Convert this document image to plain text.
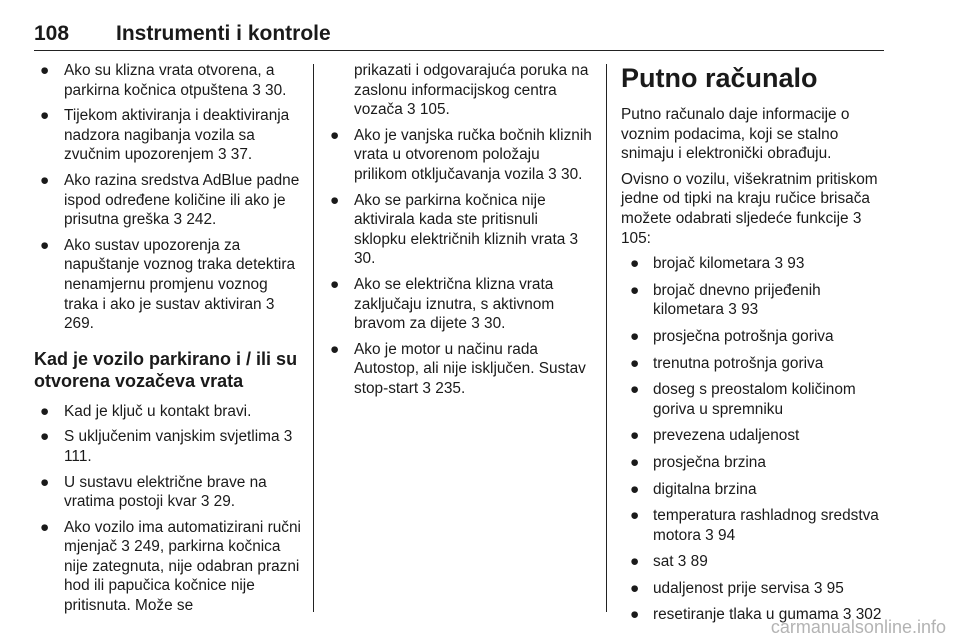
108 Instrumenti i kontrole
● Ako su klizna vrata otvorena, a parkirna kočnica otpuštena 3 30.
● Tijekom aktiviranja i deaktiviranja nadzora nagibanja vozila sa zvučnim upozorenjem 3 37.
● Ako razina sredstva AdBlue padne ispod određene količine ili ako je prisutna greška 3 242.
● Ako sustav upozorenja za napuštanje voznog traka detektira nenamjernu promjenu voznog traka i ako je sustav aktiviran 3 269.
Kad je vozilo parkirano i / ili su otvorena vozačeva vrata
● Kad je ključ u kontakt bravi.
● S uključenim vanjskim svjetlima 3 111.
● U sustavu električne brave na vratima postoji kvar 3 29.
● Ako vozilo ima automatizirani ručni mjenjač 3 249, parkirna kočnica nije zategnuta, nije odabran prazni hod ili papučica kočnice nije pritisnuta. Može se

prikazati i odgovarajuća poruka na zaslonu informacijskog centra vozača 3 105.

● Ako je vanjska ručka bočnih kliznih vrata u otvorenom položaju prilikom otključavanja vozila 3 30.
● Ako se parkirna kočnica nije aktivirala kada ste pritisnuli sklopku električnih kliznih vrata 3 30.
● Ako se električna klizna vrata zaključaju iznutra, s aktivnom bravom za dijete 3 30.
● Ako je motor u načinu rada Autostop, ali nije isključen. Sustav stop-start 3 235.
Putno računalo

Putno računalo daje informacije o voznim podacima, koji se stalno snimaju i elektronički obrađuju.

Ovisno o vozilu, višekratnim pritiskom jedne od tipki na kraju ručice brisača možete odabrati sljedeće funkcije 3 105:

● brojač kilometara 3 93
● brojač dnevno prijeđenih kilometara 3 93
● prosječna potrošnja goriva
● trenutna potrošnja goriva
● doseg s preostalom količinom goriva u spremniku
● prevezena udaljenost
● prosječna brzina
● digitalna brzina
● temperatura rashladnog sredstva motora 3 94
● sat 3 89
● udaljenost prije servisa 3 95
● resetiranje tlaka u gumama 3 302
carmanualsonline.info
